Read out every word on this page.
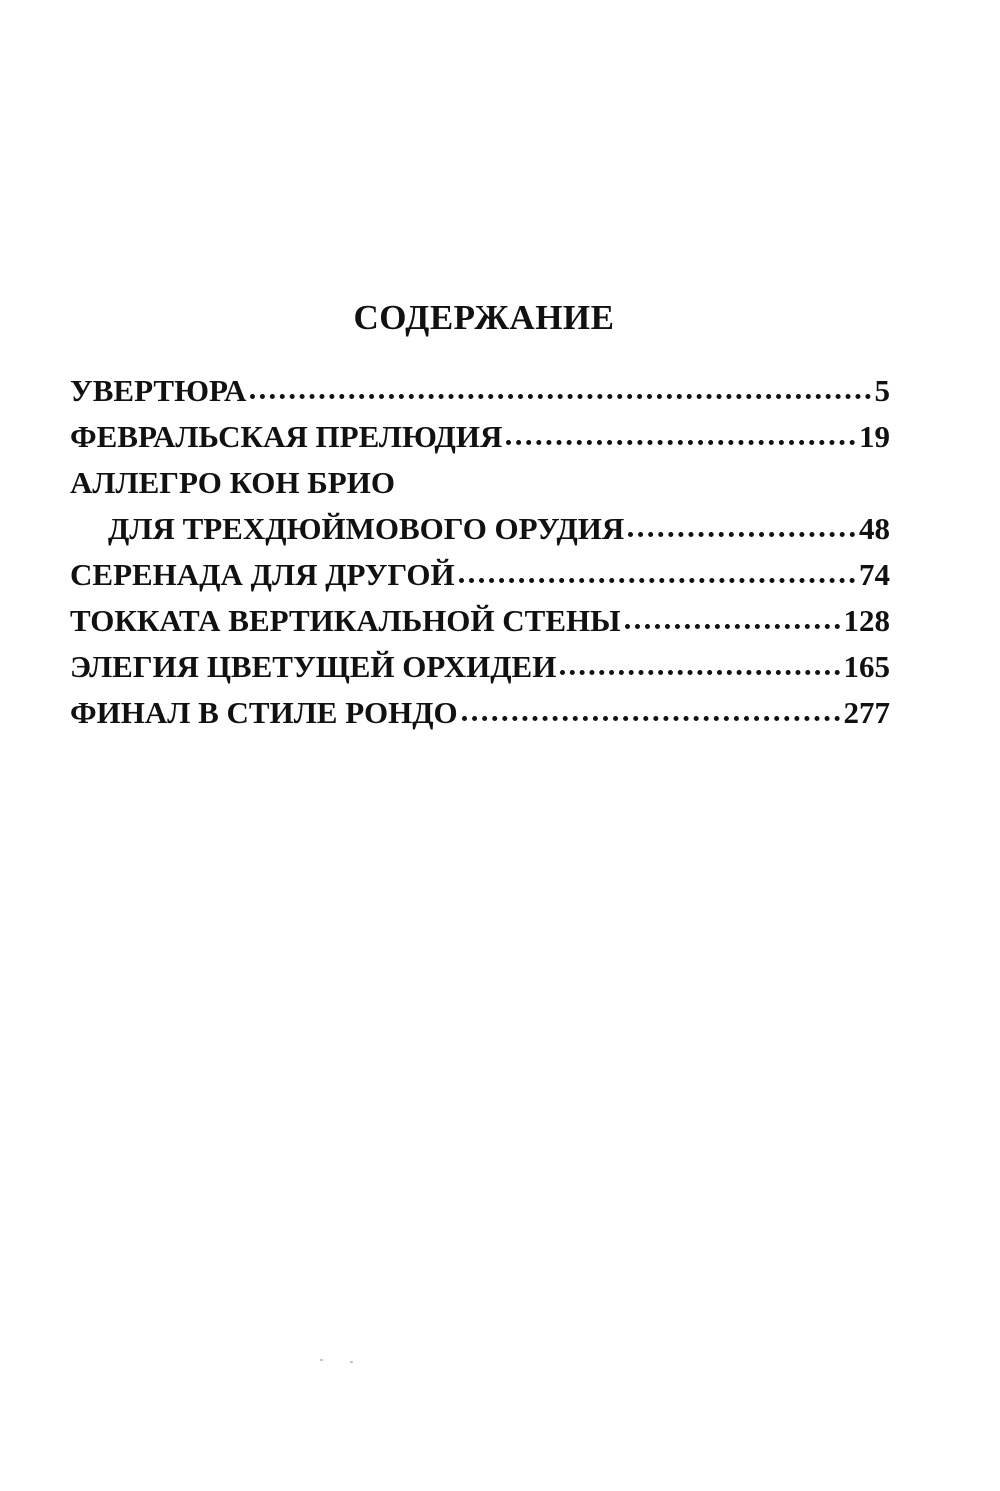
СОДЕРЖАНИЕ
УВЕРТЮРА	5
ФЕВРАЛЬСКАЯ ПРЕЛЮДИЯ	19
АЛЛЕГРО КОН БРИО
ДЛЯ ТРЕХДЮЙМОВОГО ОРУДИЯ	48
СЕРЕНАДА ДЛЯ ДРУГОЙ	74
ТОККАТА ВЕРТИКАЛЬНОЙ СТЕНЫ	128
ЭЛЕГИЯ ЦВЕТУЩЕЙ ОРХИДЕИ	165
ФИНАЛ В СТИЛЕ РОНДО	277
